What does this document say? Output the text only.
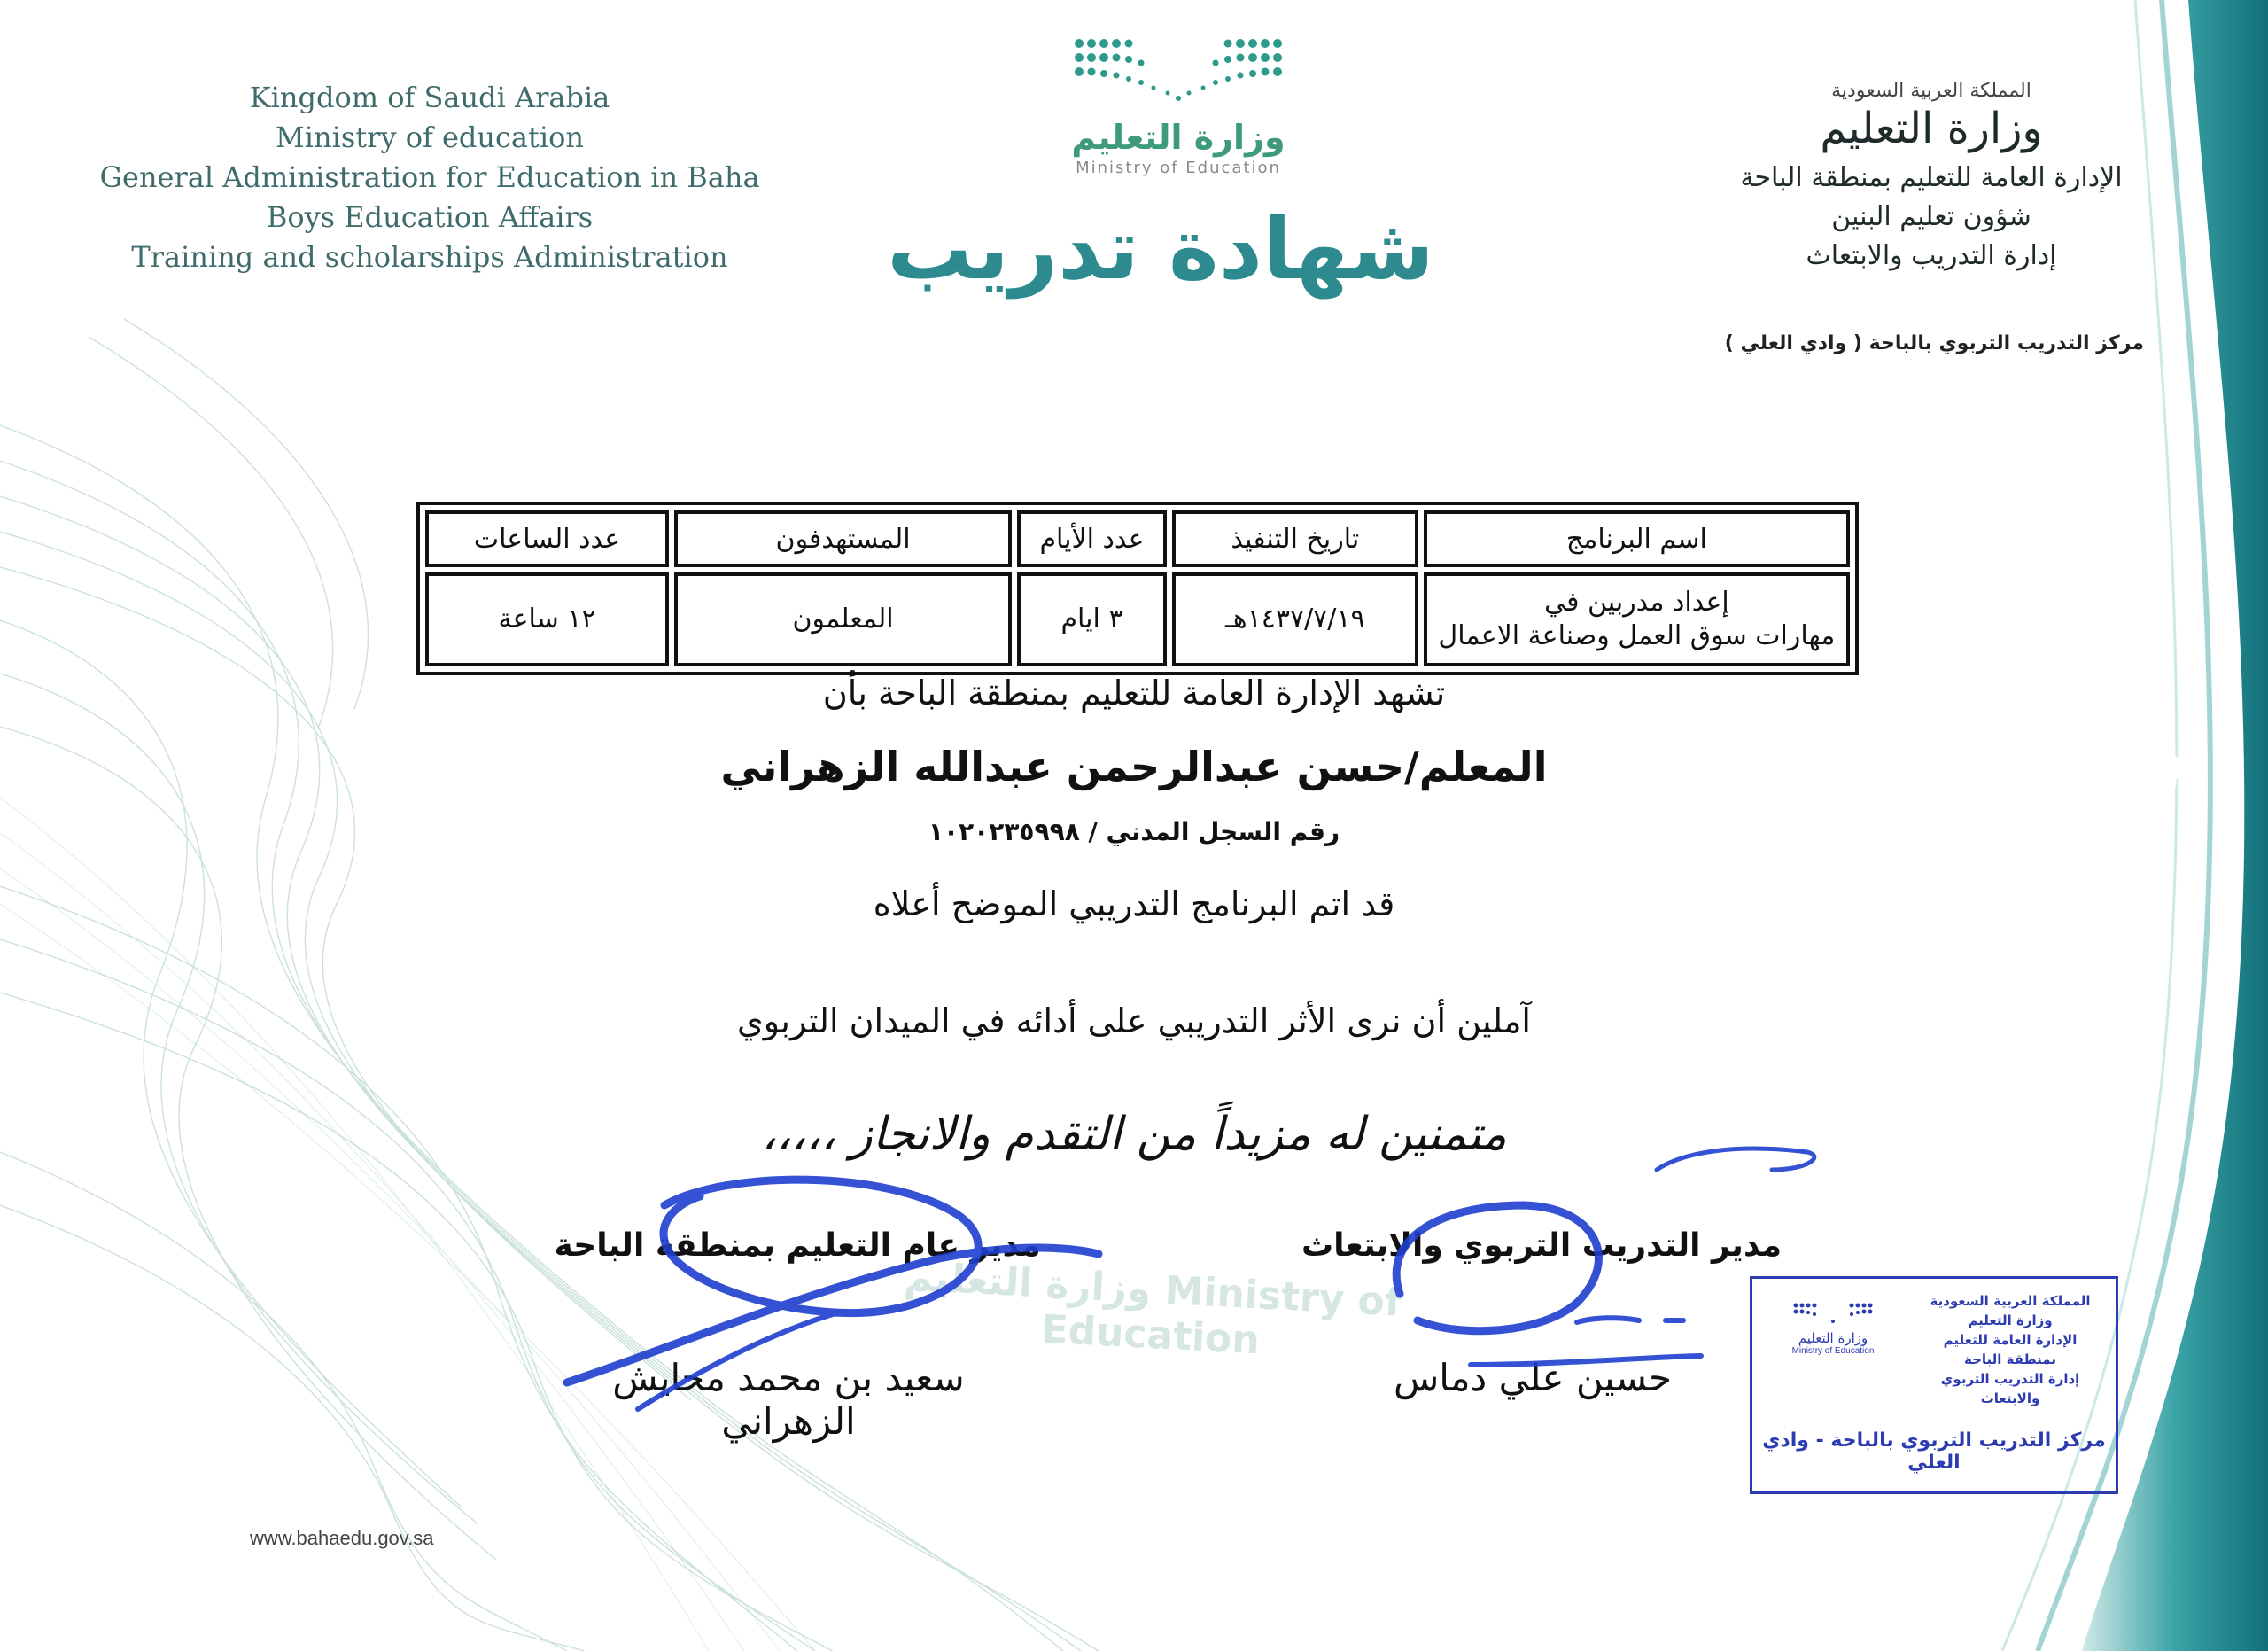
معاً نبدع المستقبل
Kingdom of Saudi Arabia
Ministry of education
General Administration for Education in Baha
Boys Education Affairs
Training and scholarships Administration
وزارة التعليم
Ministry of Education
شهادة تدريب
المملكة العربية السعودية
وزارة التعليم
الإدارة العامة للتعليم بمنطقة الباحة
شؤون تعليم البنين
إدارة التدريب والابتعاث
مركز التدريب التربوي بالباحة ( وادي العلي )
اسم البرنامج	تاريخ التنفيذ	عدد الأيام	المستهدفون	عدد الساعات

إعداد مدربين في
مهارات سوق العمل وصناعة الاعمال	١٤٣٧/٧/١٩هـ	٣ ايام	المعلمون	١٢ ساعة
وزارة التعليم Ministry of Education
تشهد الإدارة العامة للتعليم بمنطقة الباحة بأن
المعلم/حسن عبدالرحمن عبدالله الزهراني
رقم السجل المدني / ١٠٢٠٢٣٥٩٩٨
قد اتم البرنامج التدريبي الموضح أعلاه
آملين أن نرى الأثر التدريبي على أدائه في الميدان التربوي
متمنين له مزيداً من التقدم والانجاز ،،،،،
مدير عام التعليم بمنطقة الباحة	مدير التدريب التربوي والابتعاث
سعيد بن محمد محايش الزهراني
حسين علي دماس
المملكة العربية السعودية
وزارة التعليم
الإدارة العامة للتعليم بمنطقة الباحة
إدارة التدريب التربوي والابتعاث
وزارة التعليم
Ministry of Education
مركز التدريب التربوي بالباحة - وادي العلي
www.bahaedu.gov.sa
